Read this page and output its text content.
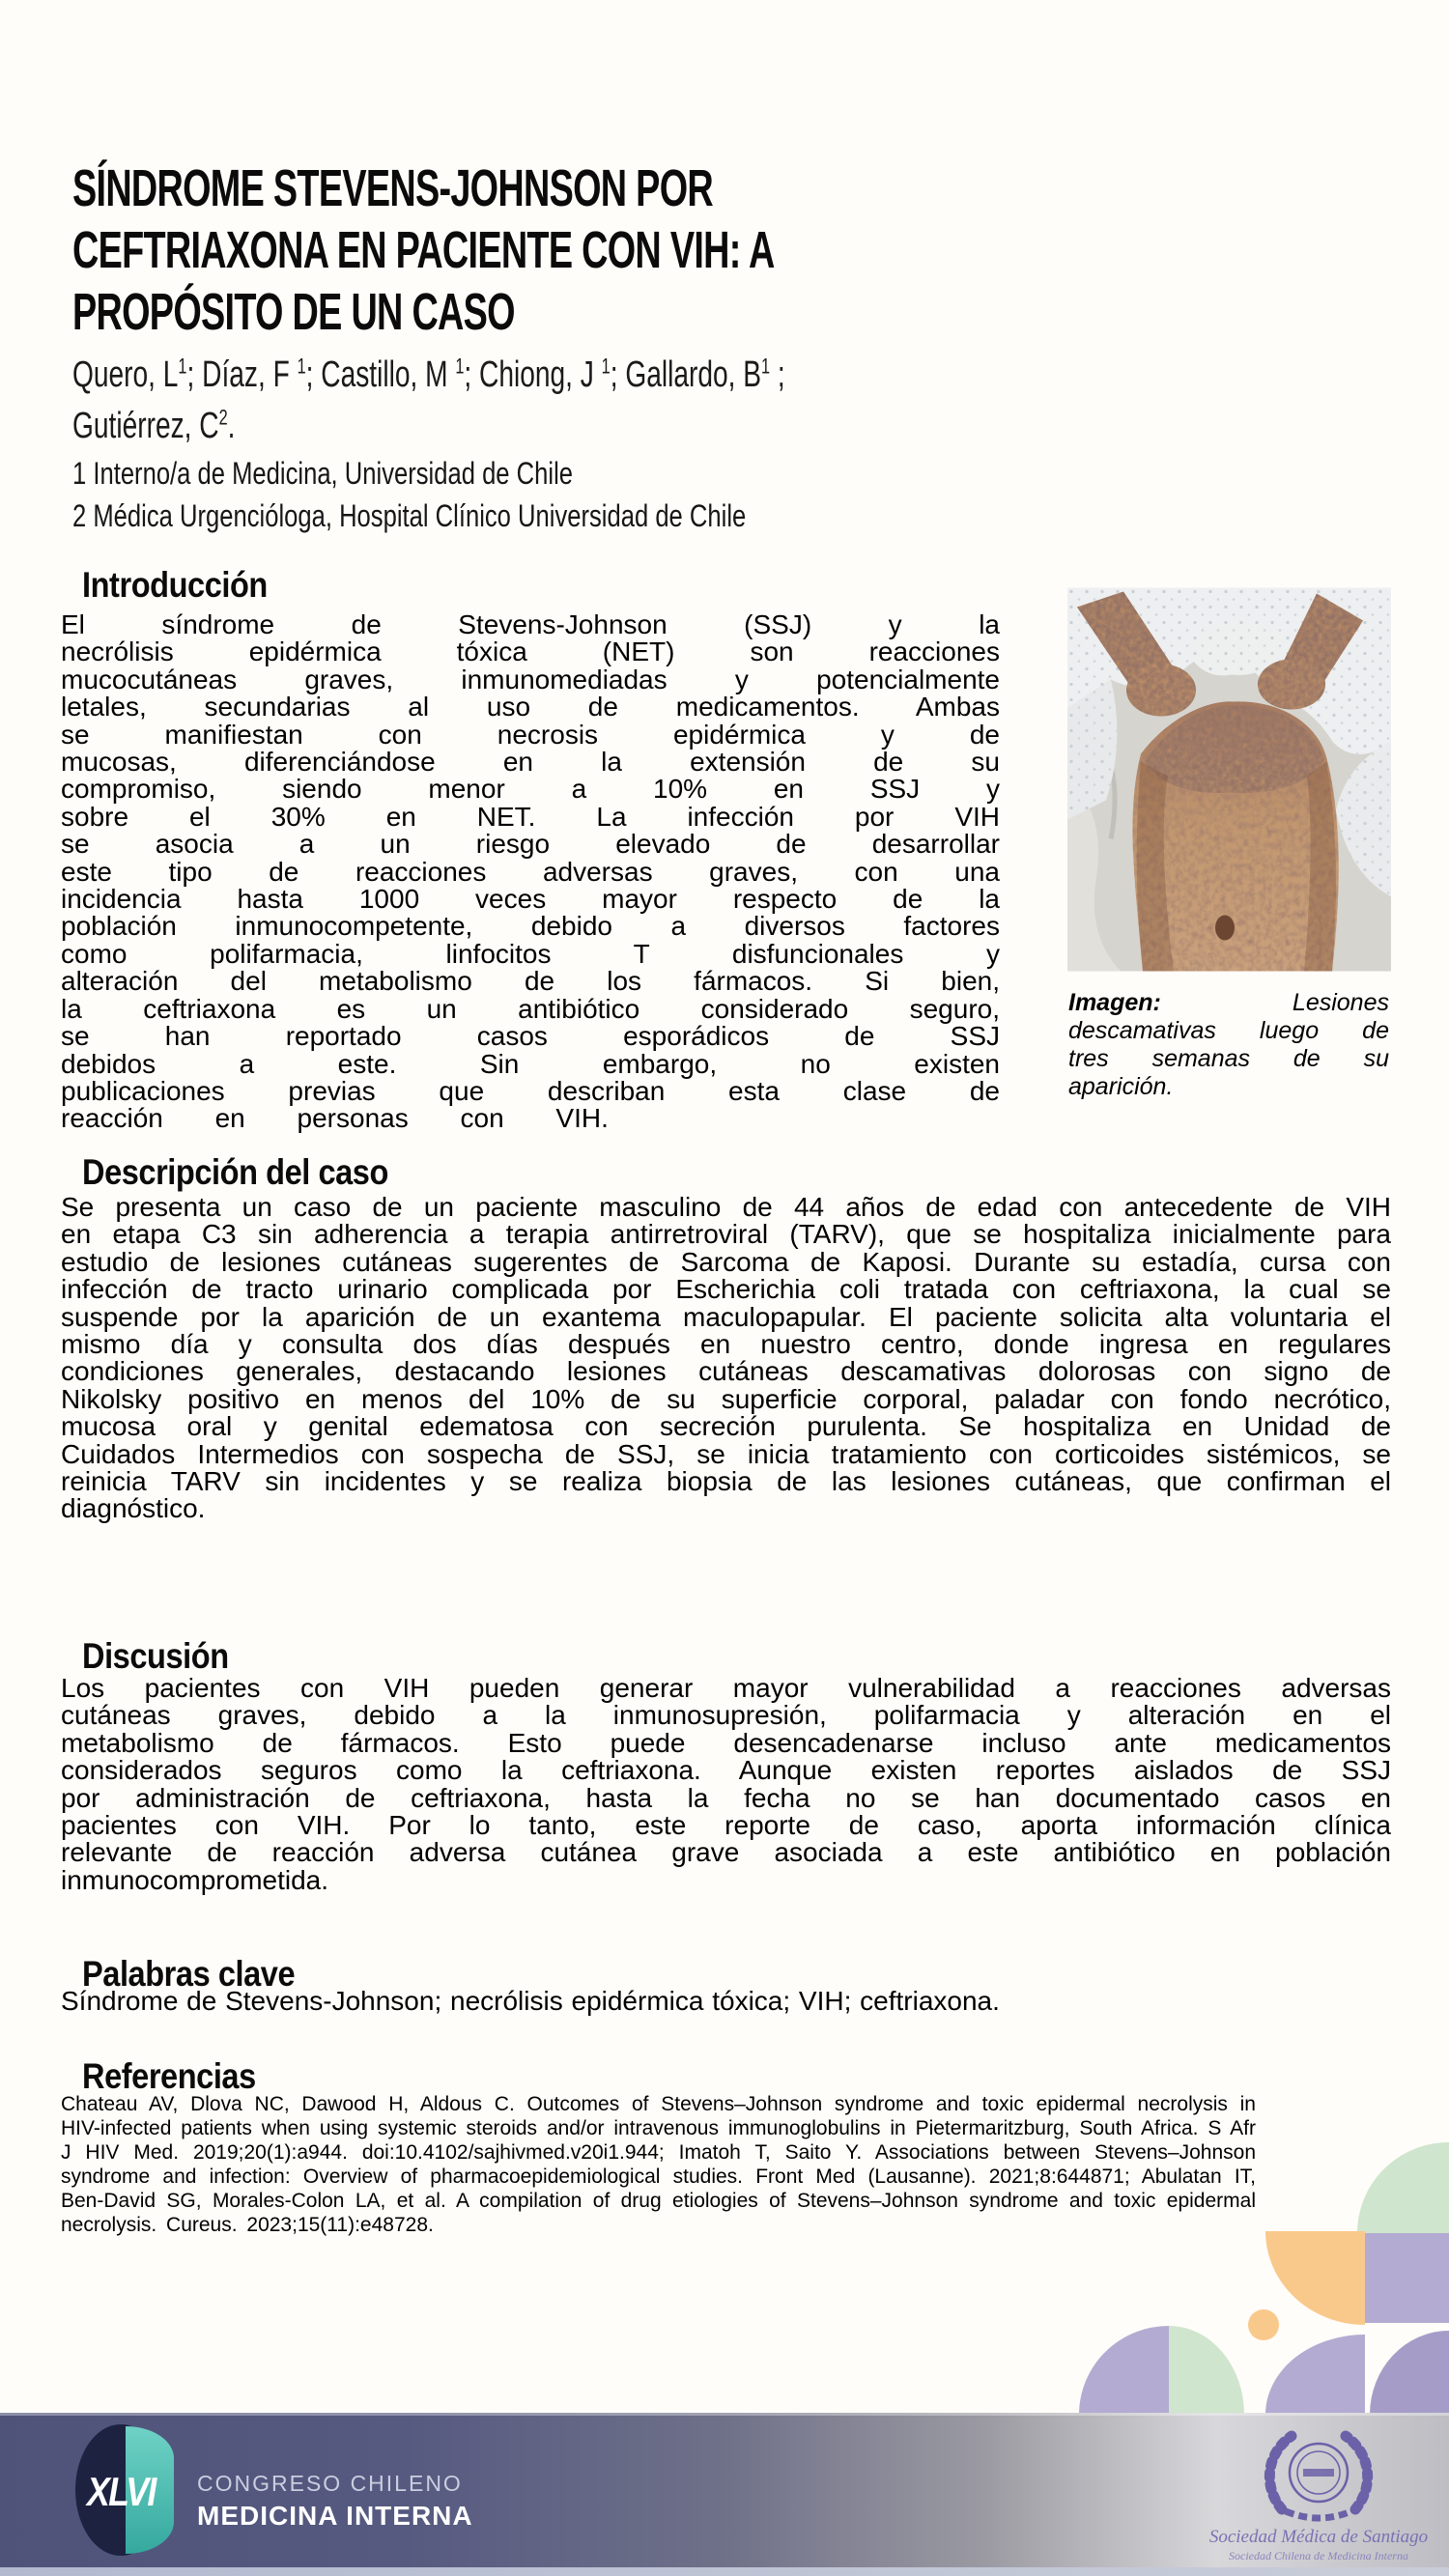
SÍNDROME STEVENS-JOHNSON POR
CEFTRIAXONA EN PACIENTE CON VIH: A
PROPÓSITO DE UN CASO
Quero, $L^1$; Díaz, F $^1$; Castillo, M $^1$; Chiong, J $^1$; Gallardo, $B^1$ ;
Gutiérrez, $C^2$.
1 Interno/a de Medicina, Universidad de Chile
2 Médica Urgencióloga, Hospital Clínico Universidad de Chile
Introducción
El síndrome de Stevens-Johnson (SSJ) y la necrólisis epidérmica tóxica (NET) son reacciones mucocutáneas graves, inmunomediadas y potencialmente letales, secundarias al uso de medicamentos. Ambas se manifiestan con necrosis epidérmica y de mucosas, diferenciándose en la extensión de su compromiso, siendo menor a 10% en SSJ y sobre el 30% en NET. La infección por VIH se asocia a un riesgo elevado de desarrollar este tipo de reacciones adversas graves, con una incidencia hasta 1000 veces mayor respecto de la población inmunocompetente, debido a diversos factores como polifarmacia, linfocitos T disfuncionales y alteración del metabolismo de los fármacos. Si bien, la ceftriaxona es un antibiótico considerado seguro, se han reportado casos esporádicos de SSJ debidos a este. Sin embargo, no existen publicaciones previas que describan esta clase de reacción en personas con VIH.
Imagen: Lesiones descamativas luego de tres semanas de su aparición.
Descripción del caso
Se presenta un caso de un paciente masculino de 44 años de edad con antecedente de VIH en etapa C3 sin adherencia a terapia antirretroviral (TARV), que se hospitaliza inicialmente para estudio de lesiones cutáneas sugerentes de Sarcoma de Kaposi. Durante su estadía, cursa con infección de tracto urinario complicada por Escherichia coli tratada con ceftriaxona, la cual se suspende por la aparición de un exantema maculopapular. El paciente solicita alta voluntaria el mismo día y consulta dos días después en nuestro centro, donde ingresa en regulares condiciones generales, destacando lesiones cutáneas descamativas dolorosas con signo de Nikolsky positivo en menos del 10% de su superficie corporal, paladar con fondo necrótico, mucosa oral y genital edematosa con secreción purulenta. Se hospitaliza en Unidad de Cuidados Intermedios con sospecha de SSJ, se inicia tratamiento con corticoides sistémicos, se reinicia TARV sin incidentes y se realiza biopsia de las lesiones cutáneas, que confirman el diagnóstico.
Discusión
Los pacientes con VIH pueden generar mayor vulnerabilidad a reacciones adversas cutáneas graves, debido a la inmunosupresión, polifarmacia y alteración en el metabolismo de fármacos. Esto puede desencadenarse incluso ante medicamentos considerados seguros como la ceftriaxona. Aunque existen reportes aislados de SSJ por administración de ceftriaxona, hasta la fecha no se han documentado casos en pacientes con VIH. Por lo tanto, este reporte de caso, aporta información clínica relevante de reacción adversa cutánea grave asociada a este antibiótico en población inmunocomprometida.
Palabras clave
Síndrome de Stevens-Johnson; necrólisis epidérmica tóxica; VIH; ceftriaxona.
Referencias
Chateau AV, Dlova NC, Dawood H, Aldous C. Outcomes of Stevens–Johnson syndrome and toxic epidermal necrolysis in HIV-infected patients when using systemic steroids and/or intravenous immunoglobulins in Pietermaritzburg, South Africa. S Afr J HIV Med. 2019;20(1):a944. doi:10.4102/sajhivmed.v20i1.944; Imatoh T, Saito Y. Associations between Stevens–Johnson syndrome and infection: Overview of pharmacoepidemiological studies. Front Med (Lausanne). 2021;8:644871; Abulatan IT, Ben-David SG, Morales-Colon LA, et al. A compilation of drug etiologies of Stevens–Johnson syndrome and toxic epidermal necrolysis. Cureus. 2023;15(11):e48728.
XLVI	CONGRESO CHILENO
MEDICINA INTERNA
Sociedad Médica de Santiago
Sociedad Chilena de Medicina Interna
